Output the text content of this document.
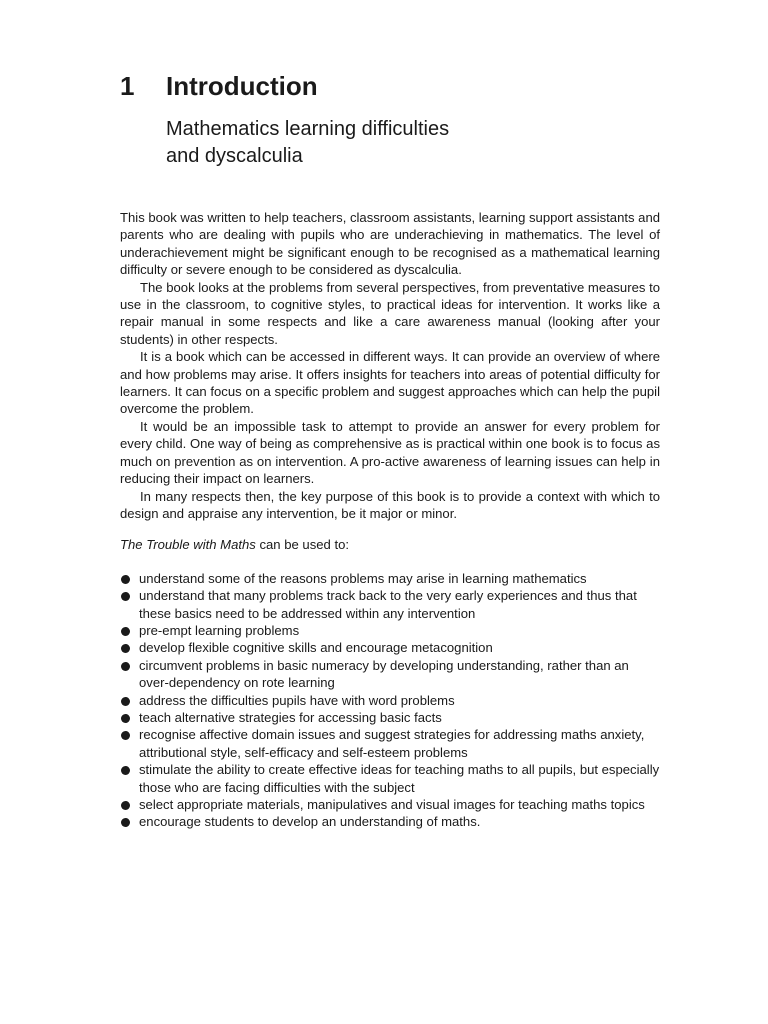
1	Introduction
Mathematics learning difficulties
and dyscalculia

This book was written to help teachers, classroom assistants, learning support assistants and parents who are dealing with pupils who are underachieving in mathematics. The level of underachievement might be significant enough to be recognised as a mathematical learning difficulty or severe enough to be considered as dyscalculia.

The book looks at the problems from several perspectives, from preventative measures to use in the classroom, to cognitive styles, to practical ideas for intervention. It works like a repair manual in some respects and like a care awareness manual (looking after your students) in other respects.

It is a book which can be accessed in different ways. It can provide an overview of where and how problems may arise. It offers insights for teachers into areas of potential difficulty for learners. It can focus on a specific problem and suggest approaches which can help the pupil overcome the problem.

It would be an impossible task to attempt to provide an answer for every problem for every child. One way of being as comprehensive as is practical within one book is to focus as much on prevention as on intervention. A pro-active awareness of learning issues can help in reducing their impact on learners.

In many respects then, the key purpose of this book is to provide a context with which to design and appraise any intervention, be it major or minor.

The Trouble with Maths can be used to:

understand some of the reasons problems may arise in learning mathematics
understand that many problems track back to the very early experiences and thus that these basics need to be addressed within any intervention
pre-empt learning problems
develop flexible cognitive skills and encourage metacognition
circumvent problems in basic numeracy by developing understanding, rather than an over-dependency on rote learning
address the difficulties pupils have with word problems
teach alternative strategies for accessing basic facts
recognise affective domain issues and suggest strategies for addressing maths anxiety, attributional style, self-efficacy and self-esteem problems
stimulate the ability to create effective ideas for teaching maths to all pupils, but especially those who are facing difficulties with the subject
select appropriate materials, manipulatives and visual images for teaching maths topics
encourage students to develop an understanding of maths.
